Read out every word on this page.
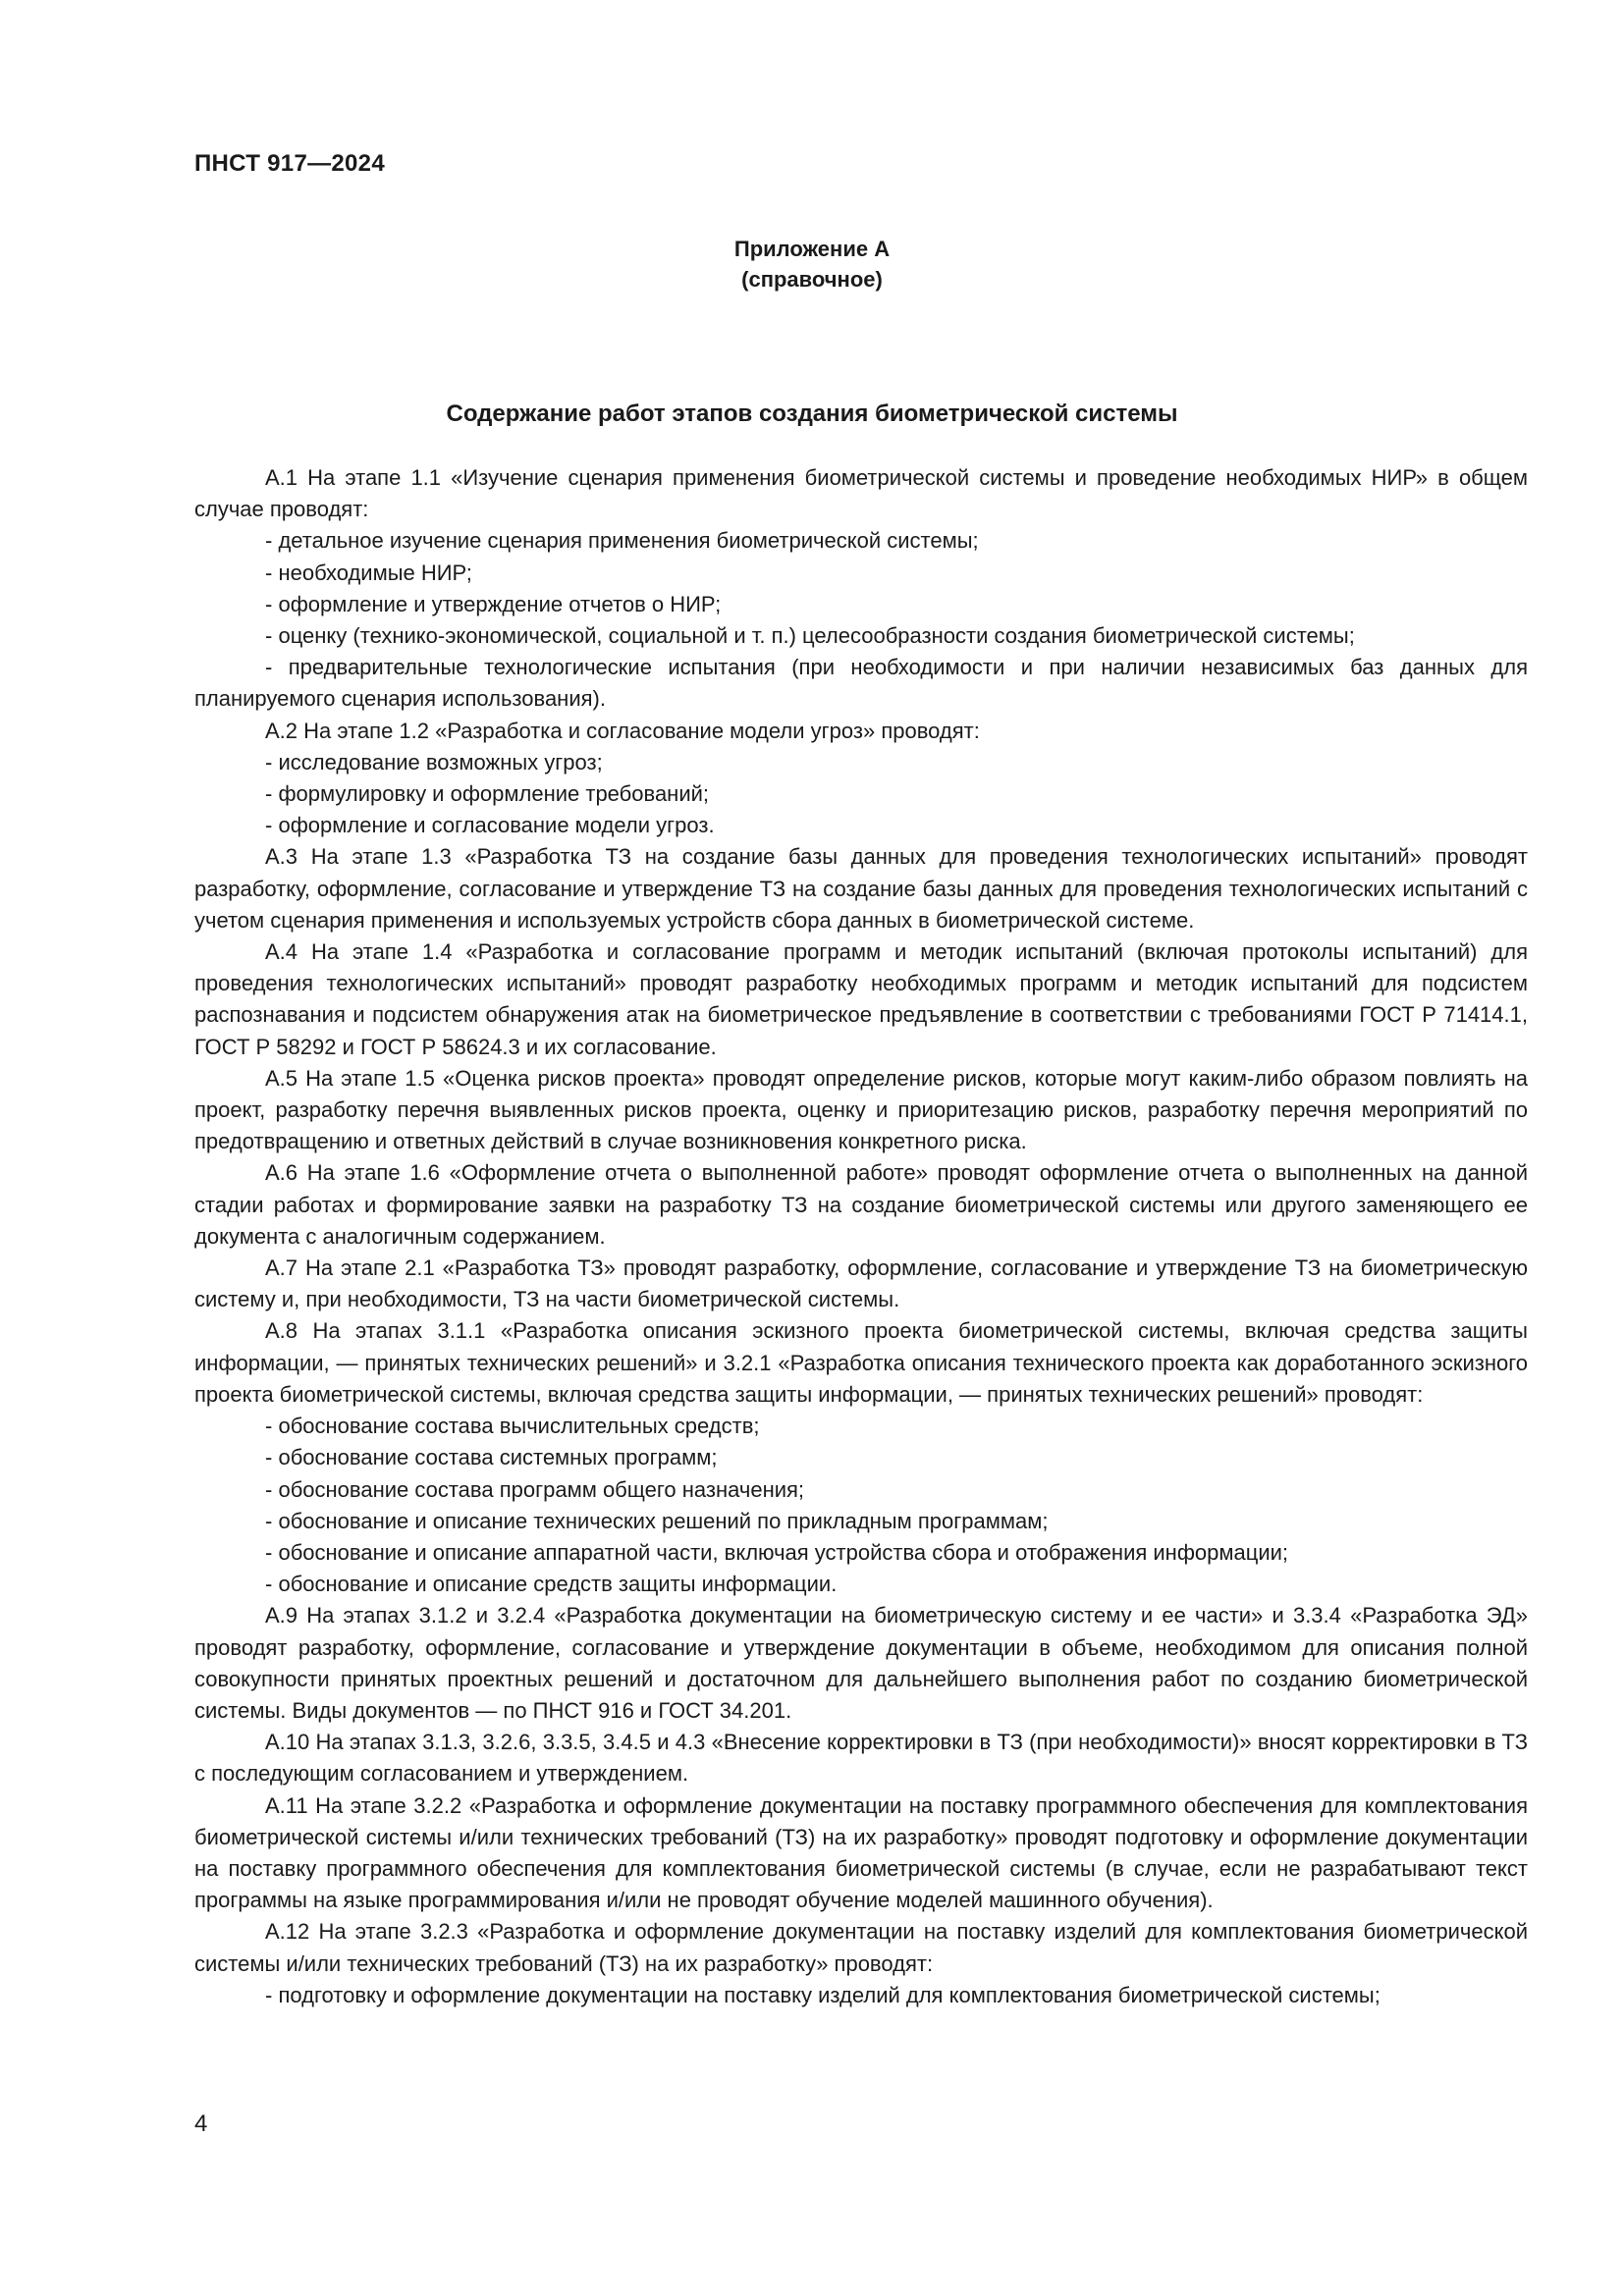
ПНСТ 917—2024
Приложение А
(справочное)
Содержание работ этапов создания биометрической системы

А.1 На этапе 1.1 «Изучение сценария применения биометрической системы и проведение необходимых НИР» в общем случае проводят:

- детальное изучение сценария применения биометрической системы;

- необходимые НИР;

- оформление и утверждение отчетов о НИР;

- оценку (технико-экономической, социальной и т. п.) целесообразности создания биометрической системы;

- предварительные технологические испытания (при необходимости и при наличии независимых баз данных для планируемого сценария использования).

А.2 На этапе 1.2 «Разработка и согласование модели угроз» проводят:

- исследование возможных угроз;

- формулировку и оформление требований;

- оформление и согласование модели угроз.

А.3 На этапе 1.3 «Разработка ТЗ на создание базы данных для проведения технологических испытаний» проводят разработку, оформление, согласование и утверждение ТЗ на создание базы данных для проведения технологических испытаний с учетом сценария применения и используемых устройств сбора данных в биометрической системе.

А.4 На этапе 1.4 «Разработка и согласование программ и методик испытаний (включая протоколы испытаний) для проведения технологических испытаний» проводят разработку необходимых программ и методик испытаний для подсистем распознавания и подсистем обнаружения атак на биометрическое предъявление в соответствии с требованиями ГОСТ Р 71414.1, ГОСТ Р 58292 и ГОСТ Р 58624.3 и их согласование.

А.5 На этапе 1.5 «Оценка рисков проекта» проводят определение рисков, которые могут каким-либо образом повлиять на проект, разработку перечня выявленных рисков проекта, оценку и приоритезацию рисков, разработку перечня мероприятий по предотвращению и ответных действий в случае возникновения конкретного риска.

А.6 На этапе 1.6 «Оформление отчета о выполненной работе» проводят оформление отчета о выполненных на данной стадии работах и формирование заявки на разработку ТЗ на создание биометрической системы или другого заменяющего ее документа с аналогичным содержанием.

А.7 На этапе 2.1 «Разработка ТЗ» проводят разработку, оформление, согласование и утверждение ТЗ на биометрическую систему и, при необходимости, ТЗ на части биометрической системы.

А.8 На этапах 3.1.1 «Разработка описания эскизного проекта биометрической системы, включая средства защиты информации, — принятых технических решений» и 3.2.1 «Разработка описания технического проекта как доработанного эскизного проекта биометрической системы, включая средства защиты информации, — принятых технических решений» проводят:

- обоснование состава вычислительных средств;

- обоснование состава системных программ;

- обоснование состава программ общего назначения;

- обоснование и описание технических решений по прикладным программам;

- обоснование и описание аппаратной части, включая устройства сбора и отображения информации;

- обоснование и описание средств защиты информации.

А.9 На этапах 3.1.2 и 3.2.4 «Разработка документации на биометрическую систему и ее части» и 3.3.4 «Разработка ЭД» проводят разработку, оформление, согласование и утверждение документации в объеме, необходимом для описания полной совокупности принятых проектных решений и достаточном для дальнейшего выполнения работ по созданию биометрической системы. Виды документов — по ПНСТ 916 и ГОСТ 34.201.

А.10 На этапах 3.1.3, 3.2.6, 3.3.5, 3.4.5 и 4.3 «Внесение корректировки в ТЗ (при необходимости)» вносят корректировки в ТЗ с последующим согласованием и утверждением.

А.11 На этапе 3.2.2 «Разработка и оформление документации на поставку программного обеспечения для комплектования биометрической системы и/или технических требований (ТЗ) на их разработку» проводят подготовку и оформление документации на поставку программного обеспечения для комплектования биометрической системы (в случае, если не разрабатывают текст программы на языке программирования и/или не проводят обучение моделей машинного обучения).

А.12 На этапе 3.2.3 «Разработка и оформление документации на поставку изделий для комплектования биометрической системы и/или технических требований (ТЗ) на их разработку» проводят:

- подготовку и оформление документации на поставку изделий для комплектования биометрической системы;

4
